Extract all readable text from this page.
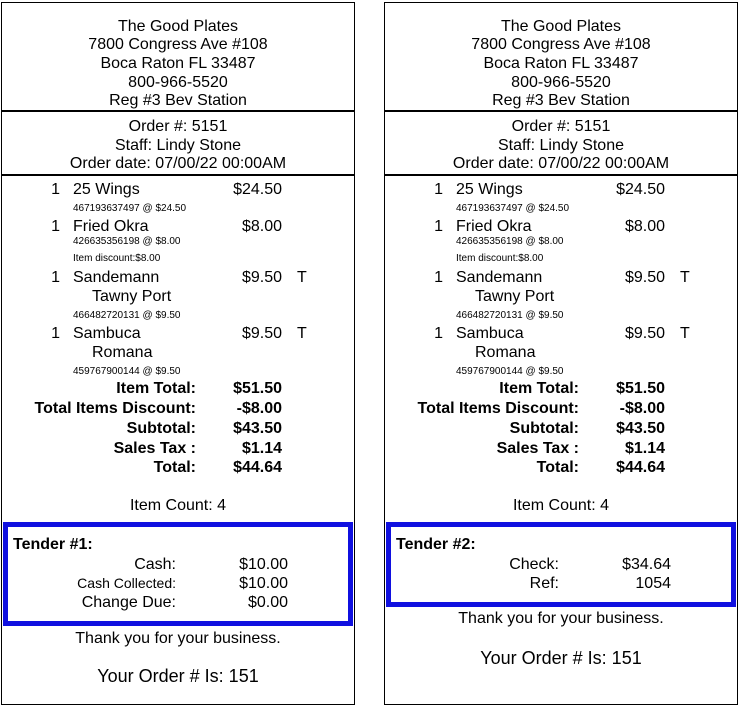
The Good Plates
7800 Congress Ave #108
Boca Raton FL 33487
800-966-5520
Reg #3 Bev Station
Order #: 5151
Staff: Lindy Stone
Order date: 07/00/22 00:00AM
1 25 Wings	$24.50
467193637497 @ $24.50
1 Fried Okra	$8.00
426635356198 @ $8.00
Item discount:$8.00
1 Sandemann	$9.50 T
Tawny Port
466482720131 @ $9.50
1 Sambuca	$9.50 T
Romana
459767900144 @ $9.50
Item Total: $51.50
Total Items Discount:	-$8.00
Subtotal: $43.50
Sales Tax :	$1.14
Total: $44.64
Item Count: 4
Tender #1:
Cash:	$10.00
Cash Collected:	$10.00
Change Due:	$0.00
Thank you for your business.
Your Order # Is: 151
The Good Plates
7800 Congress Ave #108
Boca Raton FL 33487
800-966-5520
Reg #3 Bev Station
Order #: 5151
Staff: Lindy Stone
Order date: 07/00/22 00:00AM
1 25 Wings	$24.50
467193637497 @ $24.50
1 Fried Okra	$8.00
426635356198 @ $8.00
Item discount:$8.00
1 Sandemann	$9.50 T
Tawny Port
466482720131 @ $9.50
1 Sambuca	$9.50 T
Romana
459767900144 @ $9.50
Item Total: $51.50
Total Items Discount:	-$8.00
Subtotal: $43.50
Sales Tax :	$1.14
Total: $44.64
Item Count: 4
Tender #2:
Check:	$34.64
Ref:	1054
Thank you for your business.
Your Order # Is: 151
